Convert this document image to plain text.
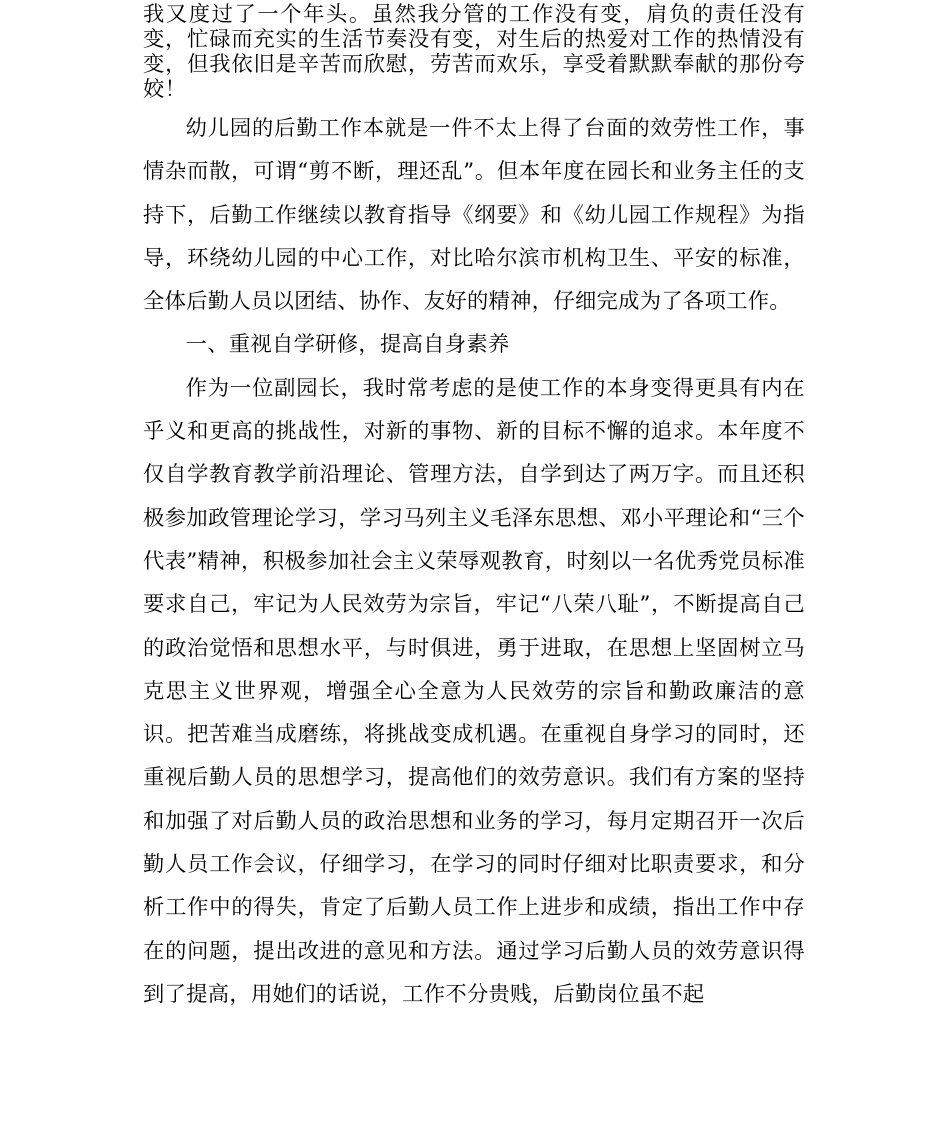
我又度过了一个年头。虽然我分管的工作没有变，肩负的责任没有变，忙碌而充实的生活节奏没有变，对生后的热爱对工作的热情没有变，但我依旧是辛苦而欣慰，劳苦而欢乐，享受着默默奉献的那份夸姣！

幼儿园的后勤工作本就是一件不太上得了台面的效劳性工作，事情杂而散，可谓“剪不断，理还乱”。但本年度在园长和业务主任的支持下，后勤工作继续以教育指导《纲要》和《幼儿园工作规程》为指导，环绕幼儿园的中心工作，对比哈尔滨市机构卫生、平安的标准，全体后勤人员以团结、协作、友好的精神，仔细完成为了各项工作。

一、重视自学研修，提高自身素养

作为一位副园长，我时常考虑的是使工作的本身变得更具有内在乎义和更高的挑战性，对新的事物、新的目标不懈的追求。本年度不仅自学教育教学前沿理论、管理方法，自学到达了两万字。而且还积极参加政管理论学习，学习马列主义毛泽东思想、邓小平理论和“三个代表”精神，积极参加社会主义荣辱观教育，时刻以一名优秀党员标准要求自己，牢记为人民效劳为宗旨，牢记“八荣八耻”，不断提高自己的政治觉悟和思想水平，与时俱进，勇于进取，在思想上坚固树立马克思主义世界观，增强全心全意为人民效劳的宗旨和勤政廉洁的意识。把苦难当成磨练，将挑战变成机遇。在重视自身学习的同时，还重视后勤人员的思想学习，提高他们的效劳意识。我们有方案的坚持和加强了对后勤人员的政治思想和业务的学习，每月定期召开一次后勤人员工作会议，仔细学习，在学习的同时仔细对比职责要求，和分析工作中的得失，肯定了后勤人员工作上进步和成绩，指出工作中存在的问题，提出改进的意见和方法。通过学习后勤人员的效劳意识得到了提高，用她们的话说，工作不分贵贱，后勤岗位虽不起
